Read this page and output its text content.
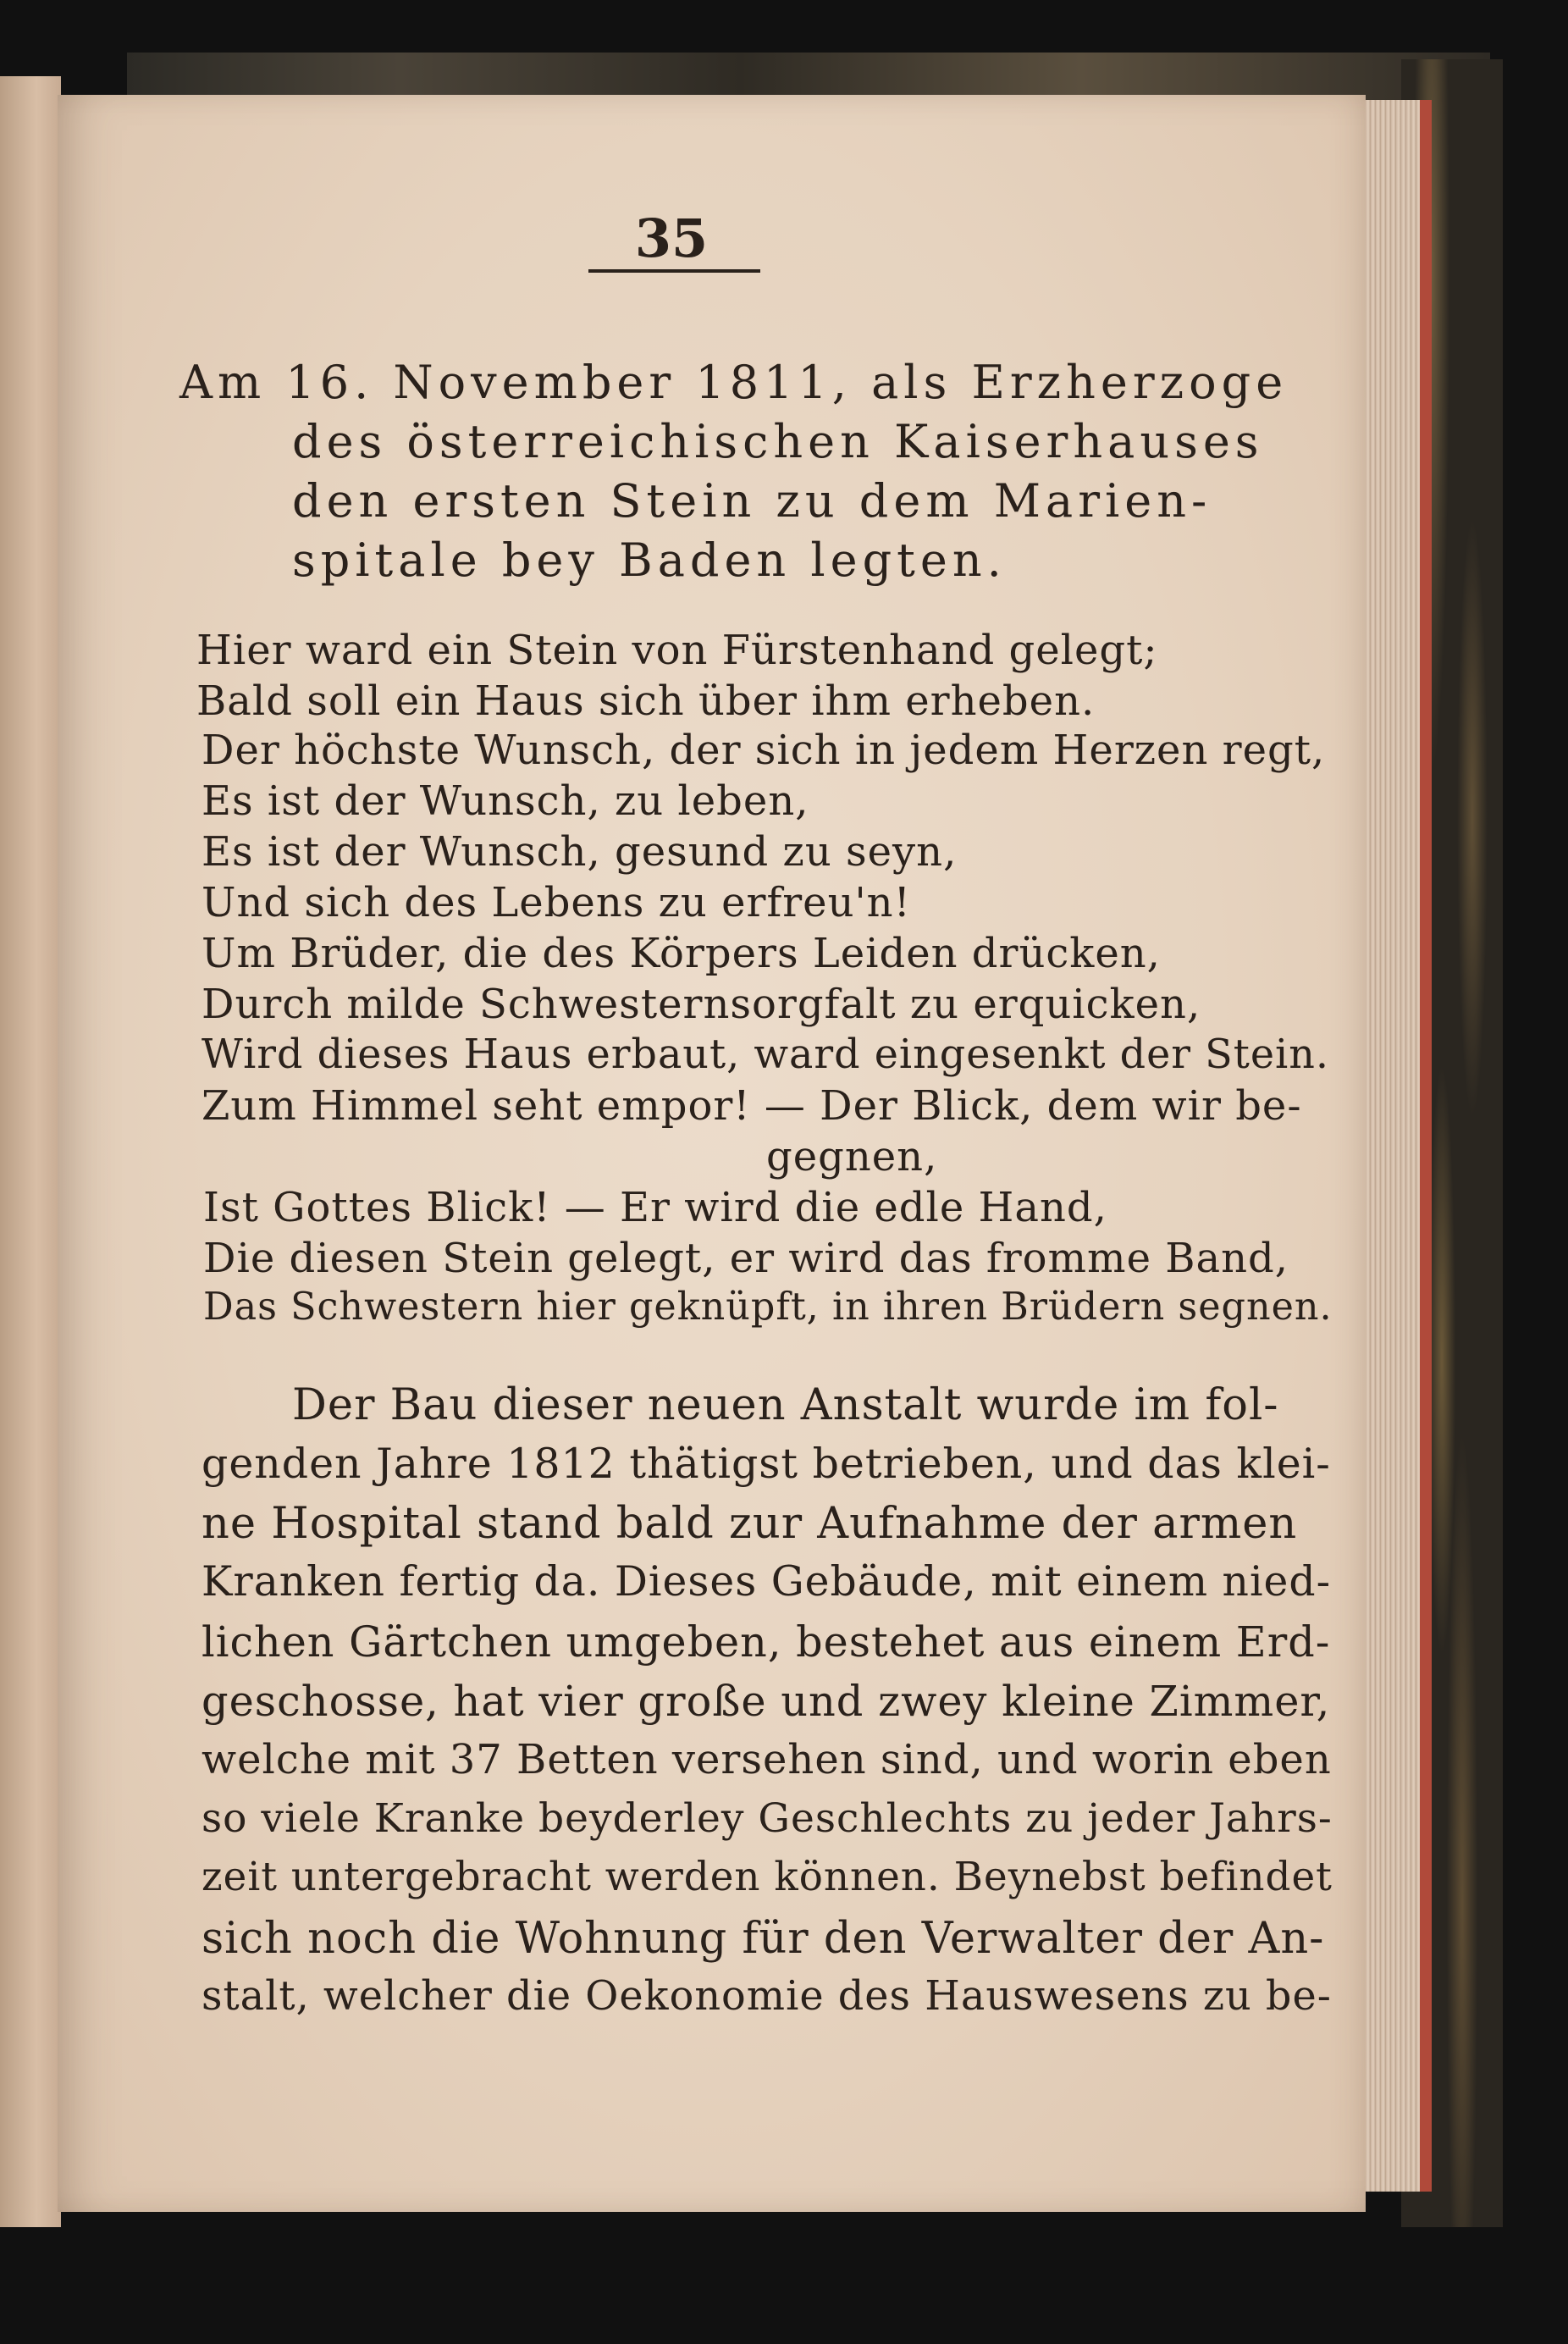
35
Am 16. November 1811, als Erzherzoge
des österreichischen Kaiserhauses
den ersten Stein zu dem Marien-
spitale bey Baden legten.
Hier ward ein Stein von Fürstenhand gelegt;
Bald soll ein Haus sich über ihm erheben.
Der höchste Wunsch, der sich in jedem Herzen regt,
Es ist der Wunsch, zu leben,
Es ist der Wunsch, gesund zu seyn,
Und sich des Lebens zu erfreu'n!
Um Brüder, die des Körpers Leiden drücken,
Durch milde Schwesternsorgfalt zu erquicken,
Wird dieses Haus erbaut, ward eingesenkt der Stein.
Zum Himmel seht empor! — Der Blick, dem wir be-
gegnen,
Ist Gottes Blick! — Er wird die edle Hand,
Die diesen Stein gelegt, er wird das fromme Band,
Das Schwestern hier geknüpft, in ihren Brüdern segnen.
Der Bau dieser neuen Anstalt wurde im fol-
genden Jahre 1812 thätigst betrieben, und das klei-
ne Hospital stand bald zur Aufnahme der armen
Kranken fertig da. Dieses Gebäude, mit einem nied-
lichen Gärtchen umgeben, bestehet aus einem Erd-
geschosse, hat vier große und zwey kleine Zimmer,
welche mit 37 Betten versehen sind, und worin eben
so viele Kranke beyderley Geschlechts zu jeder Jahrs-
zeit untergebracht werden können. Beynebst befindet
sich noch die Wohnung für den Verwalter der An-
stalt, welcher die Oekonomie des Hauswesens zu be-
